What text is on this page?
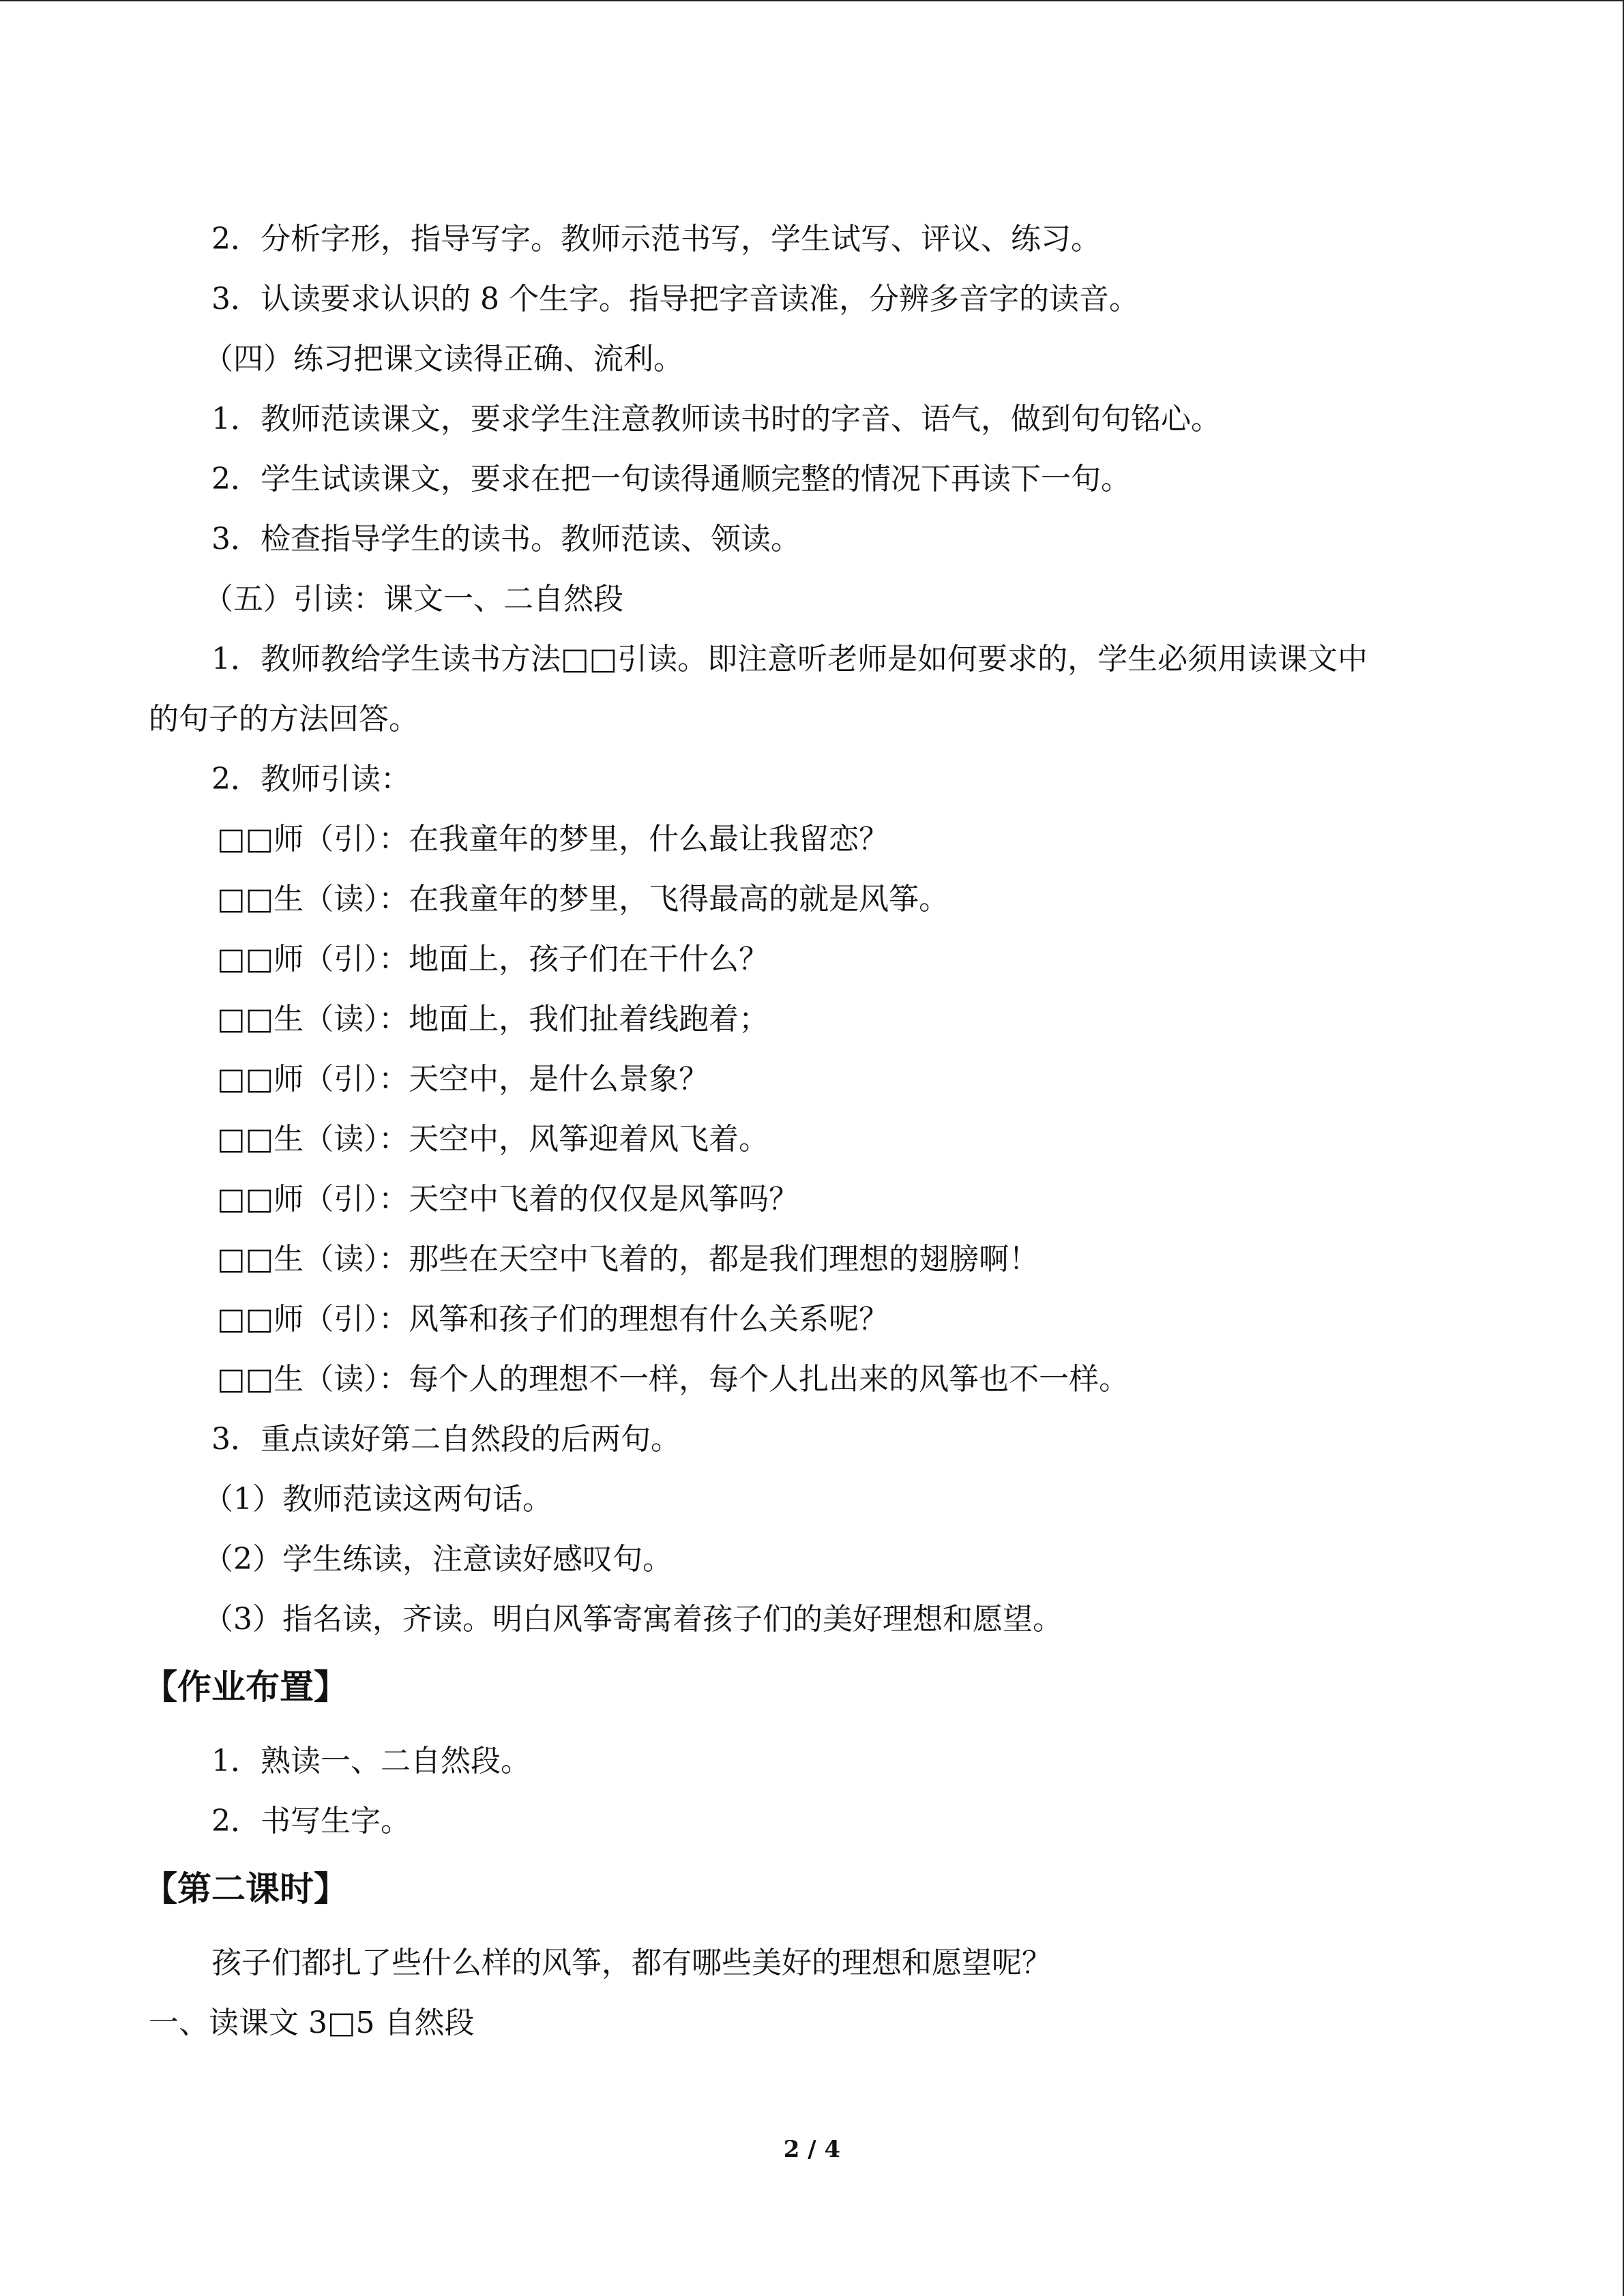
2．分析字形，指导写字。教师示范书写，学生试写、评议、练习。
3．认读要求认识的 8 个生字。指导把字音读准，分辨多音字的读音。
（四）练习把课文读得正确、流利。
1．教师范读课文，要求学生注意教师读书时的字音、语气，做到句句铭心。
2．学生试读课文，要求在把一句读得通顺完整的情况下再读下一句。
3．检查指导学生的读书。教师范读、领读。
（五）引读：课文一、二自然段
1．教师教给学生读书方法□□引读。即注意听老师是如何要求的，学生必须用读课文中
的句子的方法回答。
2．教师引读：
□□师（引）：在我童年的梦里，什么最让我留恋？
□□生（读）：在我童年的梦里，飞得最高的就是风筝。
□□师（引）：地面上，孩子们在干什么？
□□生（读）：地面上，我们扯着线跑着；
□□师（引）：天空中，是什么景象？
□□生（读）：天空中，风筝迎着风飞着。
□□师（引）：天空中飞着的仅仅是风筝吗？
□□生（读）：那些在天空中飞着的，都是我们理想的翅膀啊！
□□师（引）：风筝和孩子们的理想有什么关系呢？
□□生（读）：每个人的理想不一样，每个人扎出来的风筝也不一样。
3．重点读好第二自然段的后两句。
（1）教师范读这两句话。
（2）学生练读，注意读好感叹句。
（3）指名读，齐读。明白风筝寄寓着孩子们的美好理想和愿望。
【作业布置】
1．熟读一、二自然段。
2．书写生字。
【第二课时】
孩子们都扎了些什么样的风筝，都有哪些美好的理想和愿望呢？
一、读课文 3□5 自然段
2 / 4
